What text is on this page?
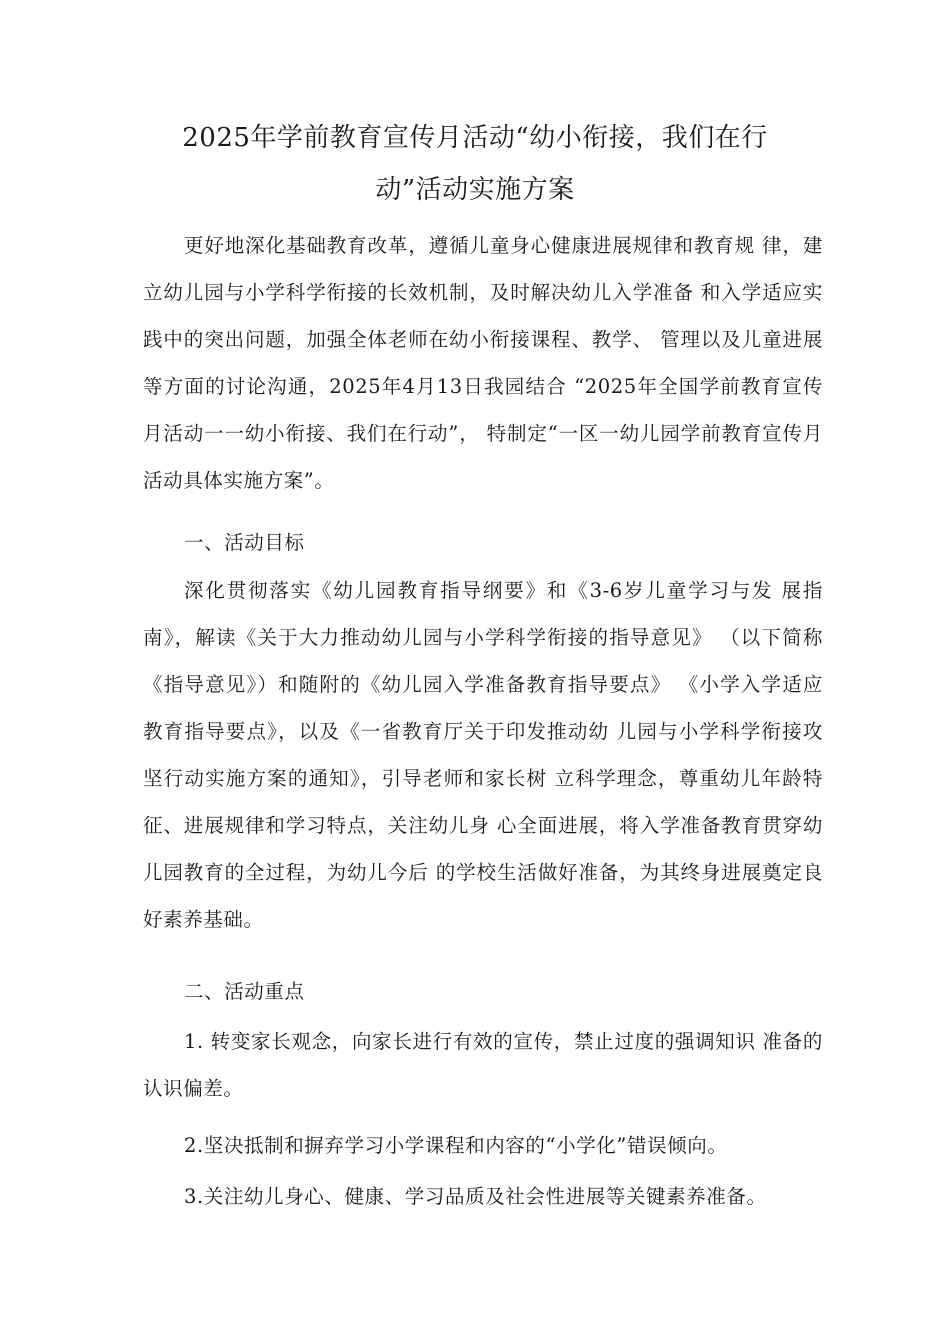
2025年学前教育宣传月活动“幼小衔接，我们在行
动”活动实施方案

更好地深化基础教育改革，遵循儿童身心健康进展规律和教育规 律，建立幼儿园与小学科学衔接的长效机制，及时解决幼儿入学准备 和入学适应实践中的突出问题，加强全体老师在幼小衔接课程、教学、 管理以及儿童进展等方面的讨论沟通，2025年4月13日我园结合 “2025年全国学前教育宣传月活动一一幼小衔接、我们在行动”， 特制定“一区一幼儿园学前教育宣传月活动具体实施方案”。

一、活动目标

深化贯彻落实《幼儿园教育指导纲要》和《3-6岁儿童学习与发 展指南》，解读《关于大力推动幼儿园与小学科学衔接的指导意见》 （以下简称《指导意见》）和随附的《幼儿园入学准备教育指导要点》 《小学入学适应教育指导要点》，以及《一省教育厅关于印发推动幼 儿园与小学科学衔接攻坚行动实施方案的通知》，引导老师和家长树 立科学理念，尊重幼儿年龄特征、进展规律和学习特点，关注幼儿身 心全面进展，将入学准备教育贯穿幼儿园教育的全过程，为幼儿今后 的学校生活做好准备，为其终身进展奠定良好素养基础。

二、活动重点

1. 转变家长观念，向家长进行有效的宣传，禁止过度的强调知识 准备的认识偏差。

2.坚决抵制和摒弃学习小学课程和内容的“小学化”错误倾向。

3.关注幼儿身心、健康、学习品质及社会性进展等关键素养准备。
